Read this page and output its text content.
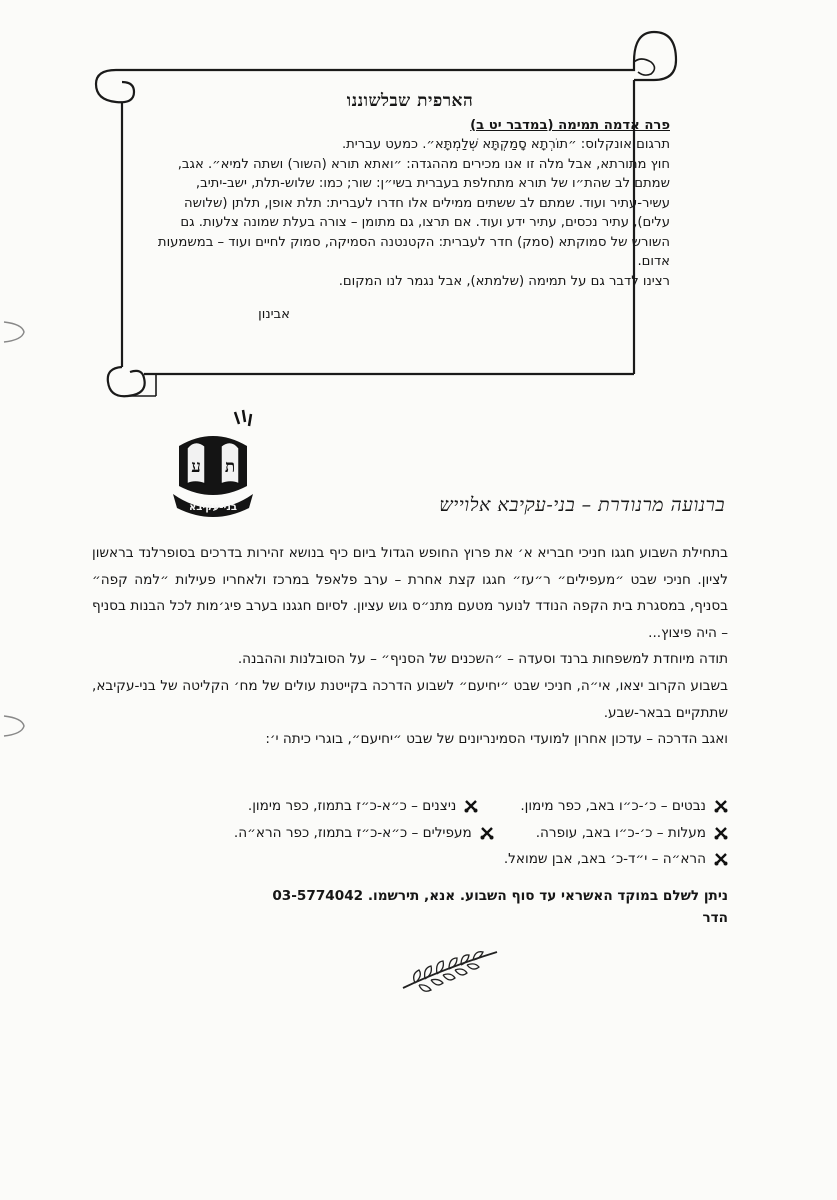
הארפית שבלשוננו

פרה אדמה תמימה (במדבר יט ב)

תרגום אונקלוס: ״תוֹרְתָא סָמַקְתָּא שְׁלַמְתָּא״. כמעט עברית.

חוץ מתורתא, אבל מלה זו אנו מכירים מההגדה: ״ואתא תורא (השור) ושתה למיא״. אגב, שמתם לב שהת״ו של תורא מתחלפת בעברית בשי״ן: שור; כמו: שלוש-תלת, ישב-יתיב, עשיר-עתיר ועוד. שמתם לב ששתים ממילים אלו חדרו לעברית: תלת אופן, תלתן (שלושה עלים), עתיר נכסים, עתיר ידע ועוד. אם תרצו, גם מתומן – צורה בעלת שמונה צלעות. גם השורש של סמוקתא (סמק) חדר לעברית: הקטנטנה הסמיקה, סמוק לחיים ועוד – במשמעות אדום.

רצינו לדבר גם על תמימה (שלמתא), אבל נגמר לנו המקום.

אבינון

ע ת
בני-עקיבא	ברנועה מרנודרת – בני-עקיבא אלוייש

בתחילת השבוע חגגו חניכי חבריא א׳ את פרוץ החופש הגדול ביום כיף בנושא זהירות בדרכים בסופרלנד בראשון לציון. חניכי שבט ״מעפילים״ ר״עז״ חגגו קצת אחרת – ערב פלאפל במרכז ולאחריו פעילות ״למה קפה״ בסניף, במסגרת בית הקפה הנודד לנוער מטעם מתנ״ס גוש עציון. לסיום חגגנו בערב פיג׳מות לכל הבנות בסניף – היה פיצוץ...

תודה מיוחדת למשפחות ברנד וסעדה – ״השכנים של הסניף״ – על הסובלנות וההבנה.

בשבוע הקרוב יצאו, אי״ה, חניכי שבט ״יחיעם״ לשבוע הדרכה בקייטנת עולים של מח׳ הקליטה של בני-עקיבא, שתתקיים בבאר-שבע.

ואגב הדרכה – עדכון אחרון למועדי הסמינריונים של שבט ״יחיעם״, בוגרי כיתה י׳:

נבטים – כ׳-כ״ו באב, כפר מימון.
ניצנים – כ״א-כ״ז בתמוז, כפר מימון.
מעלות – כ׳-כ״ו באב, עופרה.
מעפילים – כ״א-כ״ז בתמוז, כפר הרא״ה.
הרא״ה – י״ד-כ׳ באב, אבן שמואל.

ניתן לשלם במוקד האשראי עד סוף השבוע. אנא, תירשמו. 03-5774042

הדר
